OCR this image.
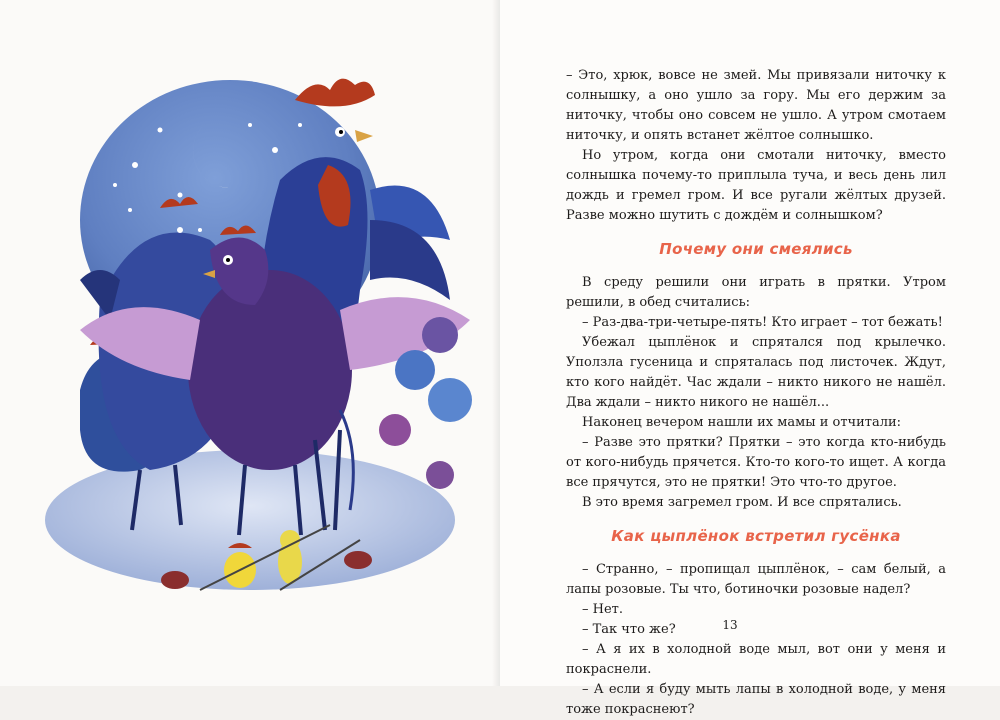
– Это, хрюк, вовсе не змей. Мы привязали ниточку к солнышку, а оно ушло за гору. Мы его держим за ниточку, чтобы оно совсем не ушло. А утром смотаем ниточку, и опять встанет жёлтое солнышко.

Но утром, когда они смотали ниточку, вместо солнышка почему-то приплыла туча, и весь день лил дождь и гремел гром. И все ругали жёлтых друзей. Разве можно шутить с дождём и солнышком?

Почему они смеялись

В среду решили они играть в прятки. Утром решили, в обед считались:

– Раз-два-три-четыре-пять! Кто играет – тот бежать!

Убежал цыплёнок и спрятался под крылечко. Уползла гусеница и спряталась под листочек. Ждут, кто кого найдёт. Час ждали – никто никого не нашёл. Два ждали – никто никого не нашёл...

Наконец вечером нашли их мамы и отчитали:

– Разве это прятки? Прятки – это когда кто-нибудь от кого-нибудь прячется. Кто-то кого-то ищет. А когда все прячутся, это не прятки! Это что-то другое.

В это время загремел гром. И все спрятались.

Как цыплёнок встретил гусёнка

– Странно, – пропищал цыплёнок, – сам белый, а лапы розовые. Ты что, ботиночки розовые надел?

– Нет.

– Так что же?

– А я их в холодной воде мыл, вот они у меня и покраснели.

– А если я буду мыть лапы в холодной воде, у меня тоже покраснеют?

13
